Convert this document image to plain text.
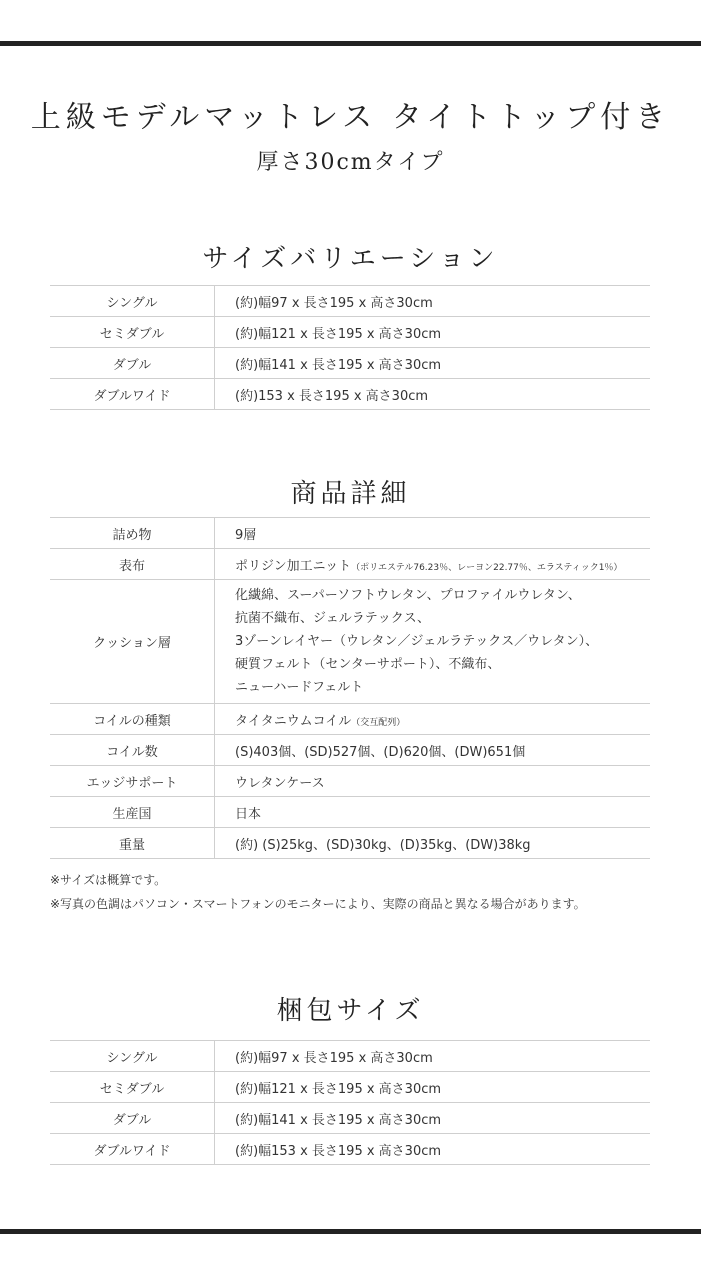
上級モデルマットレス タイトトップ付き
厚さ30cmタイプ
サイズバリエーション
シングル	(約)幅97 x 長さ195 x 高さ30cm
セミダブル	(約)幅121 x 長さ195 x 高さ30cm
ダブル	(約)幅141 x 長さ195 x 高さ30cm
ダブルワイド	(約)153 x 長さ195 x 高さ30cm
商品詳細
詰め物	9層
表布	ポリジン加工ニット（ポリエステル76.23％、レーヨン22.77％、エラスティック1％）
クッション層	化繊綿、スーパーソフトウレタン、プロファイルウレタン、
抗菌不織布、ジェルラテックス、
3ゾーンレイヤー（ウレタン／ジェルラテックス／ウレタン）、
硬質フェルト（センターサポート）、不織布、
ニューハードフェルト

コイルの種類	タイタニウムコイル（交互配列）
コイル数	(S)403個、(SD)527個、(D)620個、(DW)651個
エッジサポート	ウレタンケース
生産国	日本
重量	(約) (S)25kg、(SD)30kg、(D)35kg、(DW)38kg
※サイズは概算です。
※写真の色調はパソコン・スマートフォンのモニターにより、実際の商品と異なる場合があります。
梱包サイズ
シングル	(約)幅97 x 長さ195 x 高さ30cm
セミダブル	(約)幅121 x 長さ195 x 高さ30cm
ダブル	(約)幅141 x 長さ195 x 高さ30cm
ダブルワイド	(約)幅153 x 長さ195 x 高さ30cm
